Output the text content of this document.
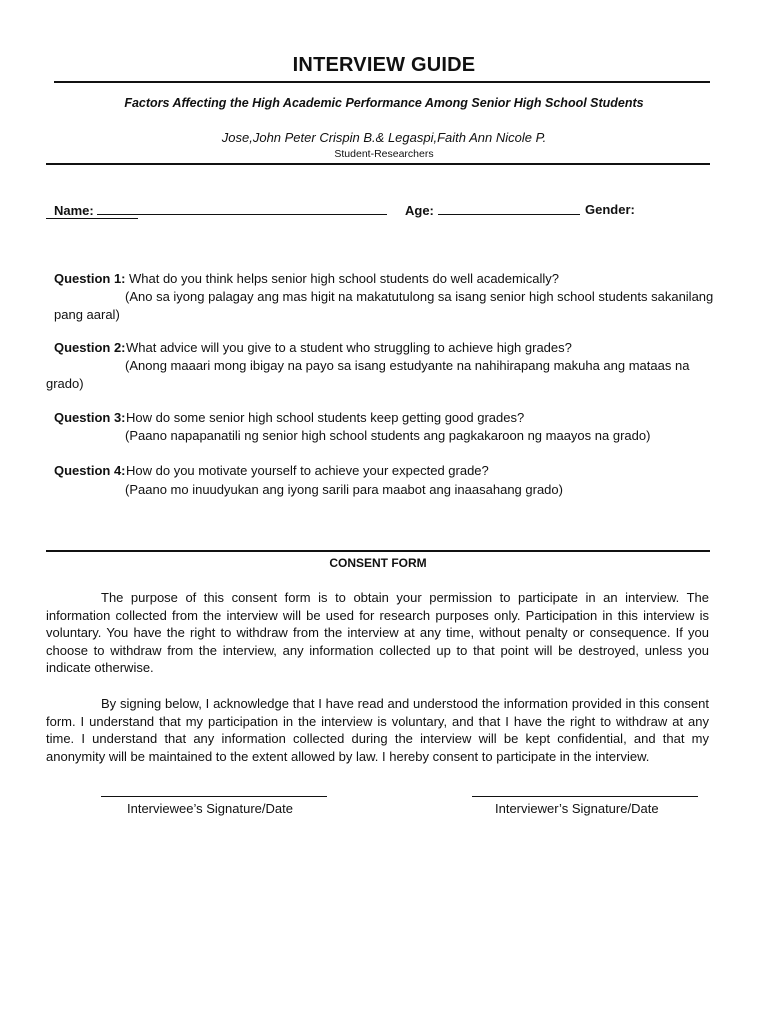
INTERVIEW GUIDE
Factors Affecting the High Academic Performance Among Senior High School Students
Jose,John Peter Crispin B.& Legaspi,Faith Ann Nicole P.
Student-Researchers
Name:	Age:	Gender:
Question 1: What do you think helps senior high school students do well academically?
(Ano sa iyong palagay ang mas higit na makatutulong sa isang senior high school students sakanilang
pang aaral)
Question 2: What advice will you give to a student who struggling to achieve high grades?
(Anong maaari mong ibigay na payo sa isang estudyante na nahihirapang makuha ang mataas na
grado)
Question 3: How do some senior high school students keep getting good grades?
(Paano napapanatili ng senior high school students ang pagkakaroon ng maayos na grado)
Question 4: How do you motivate yourself to achieve your expected grade?
(Paano mo inuudyukan ang iyong sarili para maabot ang inaasahang grado)
CONSENT FORM
The purpose of this consent form is to obtain your permission to participate in an interview. The information collected from the interview will be used for research purposes only. Participation in this interview is voluntary. You have the right to withdraw from the interview at any time, without penalty or consequence. If you choose to withdraw from the interview, any information collected up to that point will be destroyed, unless you indicate otherwise.
By signing below, I acknowledge that I have read and understood the information provided in this consent form. I understand that my participation in the interview is voluntary, and that I have the right to withdraw at any time. I understand that any information collected during the interview will be kept confidential, and that my anonymity will be maintained to the extent allowed by law. I hereby consent to participate in the interview.
Interviewee’s Signature/Date	Interviewer’s Signature/Date
